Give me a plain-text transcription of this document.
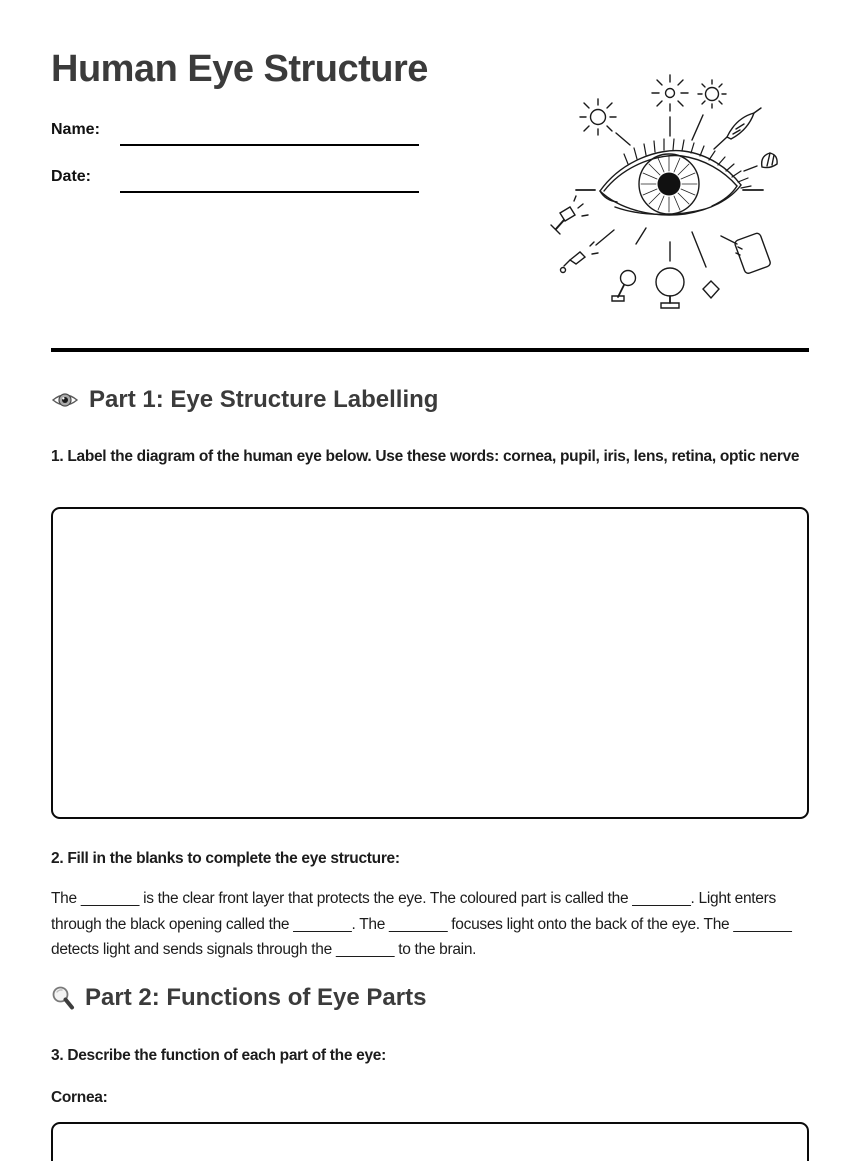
Human Eye Structure
Name:
Date:
Part 1: Eye Structure Labelling
1. Label the diagram of the human eye below. Use these words: cornea, pupil, iris, lens, retina, optic nerve
2. Fill in the blanks to complete the eye structure:
The _______ is the clear front layer that protects the eye. The coloured part is called the _______. Light enters through the black opening called the _______. The _______ focuses light onto the back of the eye. The _______ detects light and sends signals through the _______ to the brain.
Part 2: Functions of Eye Parts
3. Describe the function of each part of the eye:
Cornea:
